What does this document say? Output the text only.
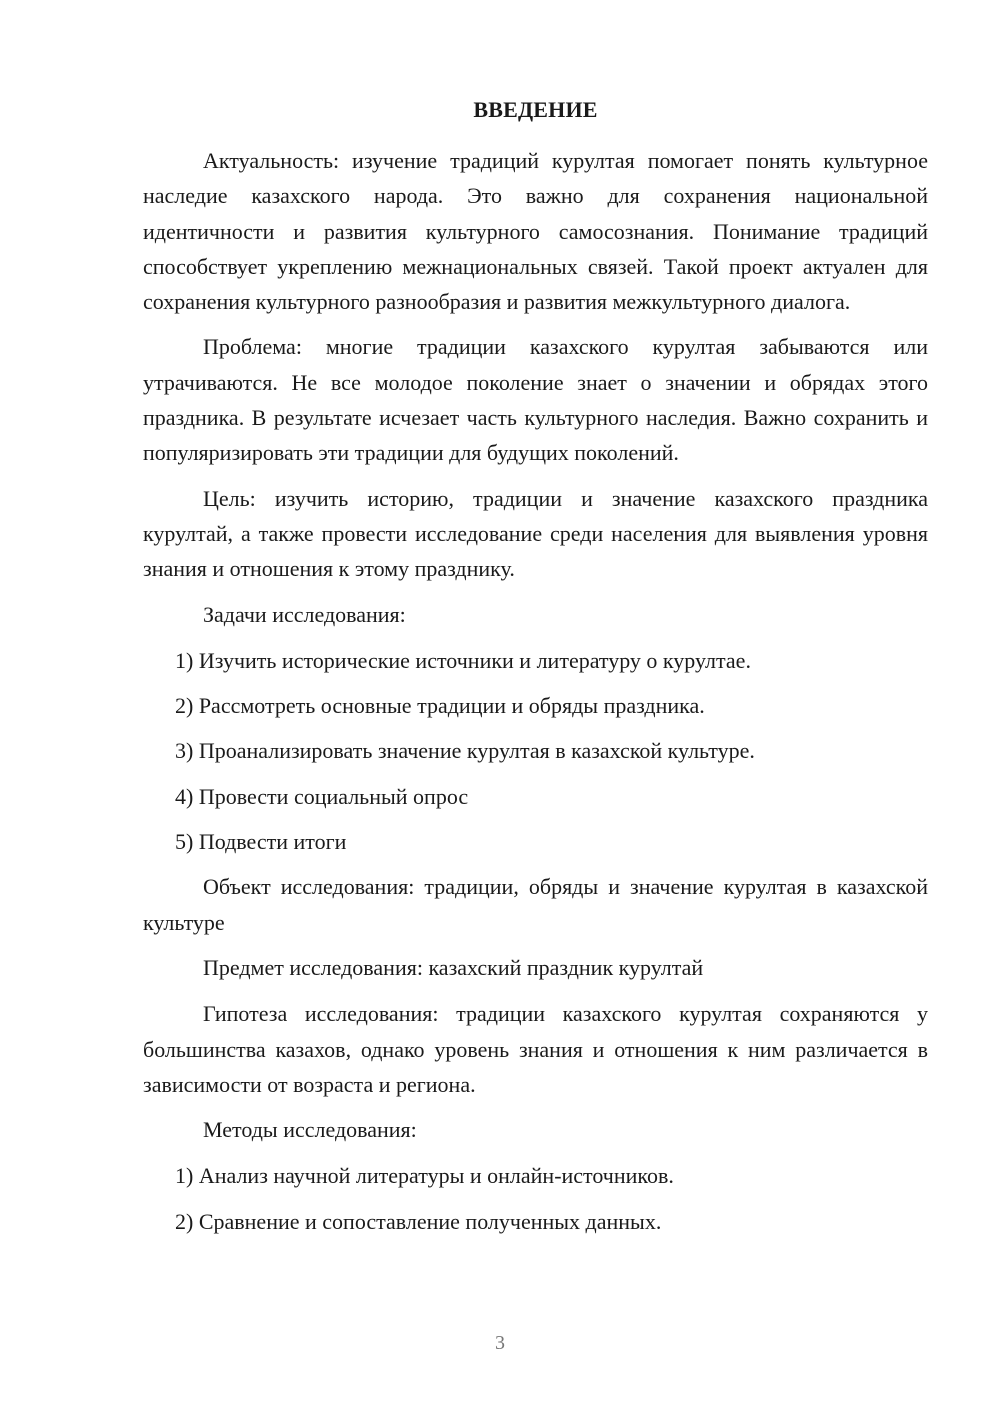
ВВЕДЕНИЕ

Актуальность: изучение традиций курултая помогает понять культурное наследие казахского народа. Это важно для сохранения национальной идентичности и развития культурного самосознания. Понимание традиций способствует укреплению межнациональных связей. Такой проект актуален для сохранения культурного разнообразия и развития межкультурного диалога.

Проблема: многие традиции казахского курултая забываются или утрачиваются. Не все молодое поколение знает о значении и обрядах этого праздника. В результате исчезает часть культурного наследия. Важно сохранить и популяризировать эти традиции для будущих поколений.

Цель: изучить историю, традиции и значение казахского праздника курултай, а также провести исследование среди населения для выявления уровня знания и отношения к этому празднику.

Задачи исследования:

1) Изучить исторические источники и литературу о курултае.
2) Рассмотреть основные традиции и обряды праздника.
3) Проанализировать значение курултая в казахской культуре.
4) Провести социальный опрос
5) Подвести итоги

Объект исследования: традиции, обряды и значение курултая в казахской культуре

Предмет исследования: казахский праздник курултай

Гипотеза исследования: традиции казахского курултая сохраняются у большинства казахов, однако уровень знания и отношения к ним различается в зависимости от возраста и региона.

Методы исследования:

1) Анализ научной литературы и онлайн-источников.
2) Сравнение и сопоставление полученных данных.
3
